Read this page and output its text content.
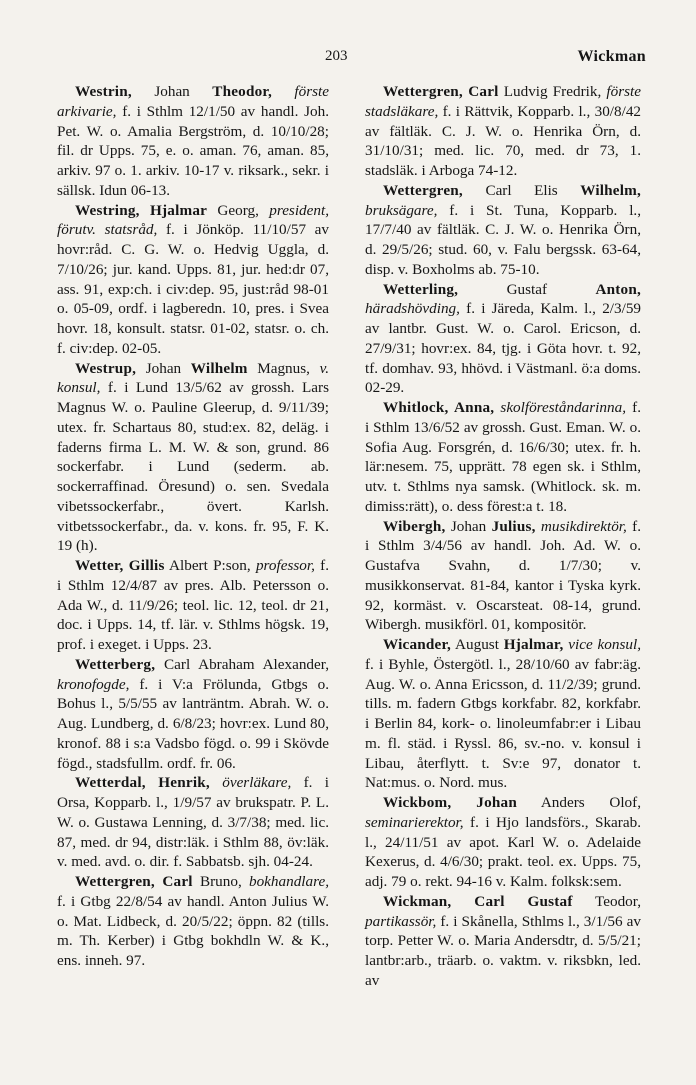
203	Wickman

Westrin, Johan Theodor, förste arkivarie, f. i Sthlm 12/1/50 av handl. Joh. Pet. W. o. Amalia Bergström, d. 10/10/28; fil. dr Upps. 75, e. o. aman. 76, aman. 85, arkiv. 97 o. 1. arkiv. 10-17 v. riksark., sekr. i sällsk. Idun 06-13.

Westring, Hjalmar Georg, president, förutv. statsråd, f. i Jönköp. 11/10/57 av hovr:råd. C. G. W. o. Hedvig Uggla, d. 7/10/26; jur. kand. Upps. 81, jur. hed:dr 07, ass. 91, exp:ch. i civ:dep. 95, just:råd 98-01 o. 05-09, ordf. i lagberedn. 10, pres. i Svea hovr. 18, konsult. statsr. 01-02, statsr. o. ch. f. civ:dep. 02-05.

Westrup, Johan Wilhelm Magnus, v. konsul, f. i Lund 13/5/62 av grossh. Lars Magnus W. o. Pauline Gleerup, d. 9/11/39; utex. fr. Schartaus 80, stud:ex. 82, deläg. i faderns firma L. M. W. & son, grund. 86 sockerfabr. i Lund (sederm. ab. sockerraffinad. Öresund) o. sen. Svedala vibetssockerfabr., övert. Karlsh. vitbetssockerfabr., da. v. kons. fr. 95, F. K. 19 (h).

Wetter, Gillis Albert P:son, professor, f. i Sthlm 12/4/87 av pres. Alb. Petersson o. Ada W., d. 11/9/26; teol. lic. 12, teol. dr 21, doc. i Upps. 14, tf. lär. v. Sthlms högsk. 19, prof. i exeget. i Upps. 23.

Wetterberg, Carl Abraham Alexander, kronofogde, f. i V:a Frölunda, Gtbgs o. Bohus l., 5/5/55 av lanträntm. Abrah. W. o. Aug. Lundberg, d. 6/8/23; hovr:ex. Lund 80, kronof. 88 i s:a Vadsbo fögd. o. 99 i Skövde fögd., stadsfullm. ordf. fr. 06.

Wetterdal, Henrik, överläkare, f. i Orsa, Kopparb. l., 1/9/57 av brukspatr. P. L. W. o. Gustawa Lenning, d. 3/7/38; med. lic. 87, med. dr 94, distr:läk. i Sthlm 88, öv:läk. v. med. avd. o. dir. f. Sabbatsb. sjh. 04-24.

Wettergren, Carl Bruno, bokhandlare, f. i Gtbg 22/8/54 av handl. Anton Julius W. o. Mat. Lidbeck, d. 20/5/22; öppn. 82 (tills. m. Th. Kerber) i Gtbg bokhdln W. & K., ens. inneh. 97.

Wettergren, Carl Ludvig Fredrik, förste stadsläkare, f. i Rättvik, Kopparb. l., 30/8/42 av fältläk. C. J. W. o. Henrika Örn, d. 31/10/31; med. lic. 70, med. dr 73, 1. stadsläk. i Arboga 74-12.

Wettergren, Carl Elis Wilhelm, bruksägare, f. i St. Tuna, Kopparb. l., 17/7/40 av fältläk. C. J. W. o. Henrika Örn, d. 29/5/26; stud. 60, v. Falu bergssk. 63-64, disp. v. Boxholms ab. 75-10.

Wetterling,	Gustaf	Anton, häradshövding, f. i Järeda, Kalm. l., 2/3/59 av lantbr. Gust. W. o. Carol. Ericson, d. 27/9/31; hovr:ex. 84, tjg. i Göta hovr. t. 92, tf. domhav. 93, hhövd. i Västmanl. ö:a doms. 02-29.

Whitlock, Anna, skolföreståndarinna, f. i Sthlm 13/6/52 av grossh. Gust. Eman. W. o. Sofia Aug. Forsgrén, d. 16/6/30; utex. fr. h. lär:nesem. 75, upprätt. 78 egen sk. i Sthlm, utv. t. Sthlms nya samsk. (Whitlock. sk. m. dimiss:rätt), o. dess förest:a t. 18.

Wibergh, Johan Julius, musikdirektör, f. i Sthlm 3/4/56 av handl. Joh. Ad. W. o. Gustafva Svahn, d. 1/7/30; v. musikkonservat. 81-84, kantor i Tyska kyrk. 92, kormäst. v. Oscarsteat. 08-14, grund. Wibergh. musikförl. 01, kompositör.

Wicander, August Hjalmar, vice konsul, f. i Byhle, Östergötl. l., 28/10/60 av fabr:äg. Aug. W. o. Anna Ericsson, d. 11/2/39; grund. tills. m. fadern Gtbgs korkfabr. 82, korkfabr. i Berlin 84, kork- o. linoleumfabr:er i Libau m. fl. städ. i Ryssl. 86, sv.-no. v. konsul i Libau, återflytt. t. Sv:e 97, donator t. Nat:mus. o. Nord. mus.

Wickbom, Johan Anders Olof, seminarierektor, f. i Hjo landsförs., Skarab. l., 24/11/51 av apot. Karl W. o. Adelaide Kexerus, d. 4/6/30; prakt. teol. ex. Upps. 75, adj. 79 o. rekt. 94-16 v. Kalm. folksk:sem.

Wickman, Carl Gustaf Teodor, partikassör, f. i Skånella, Sthlms l., 3/1/56 av torp. Petter W. o. Maria Andersdtr, d. 5/5/21; lantbr:arb., träarb. o. vaktm. v. riksbkn, led. av
